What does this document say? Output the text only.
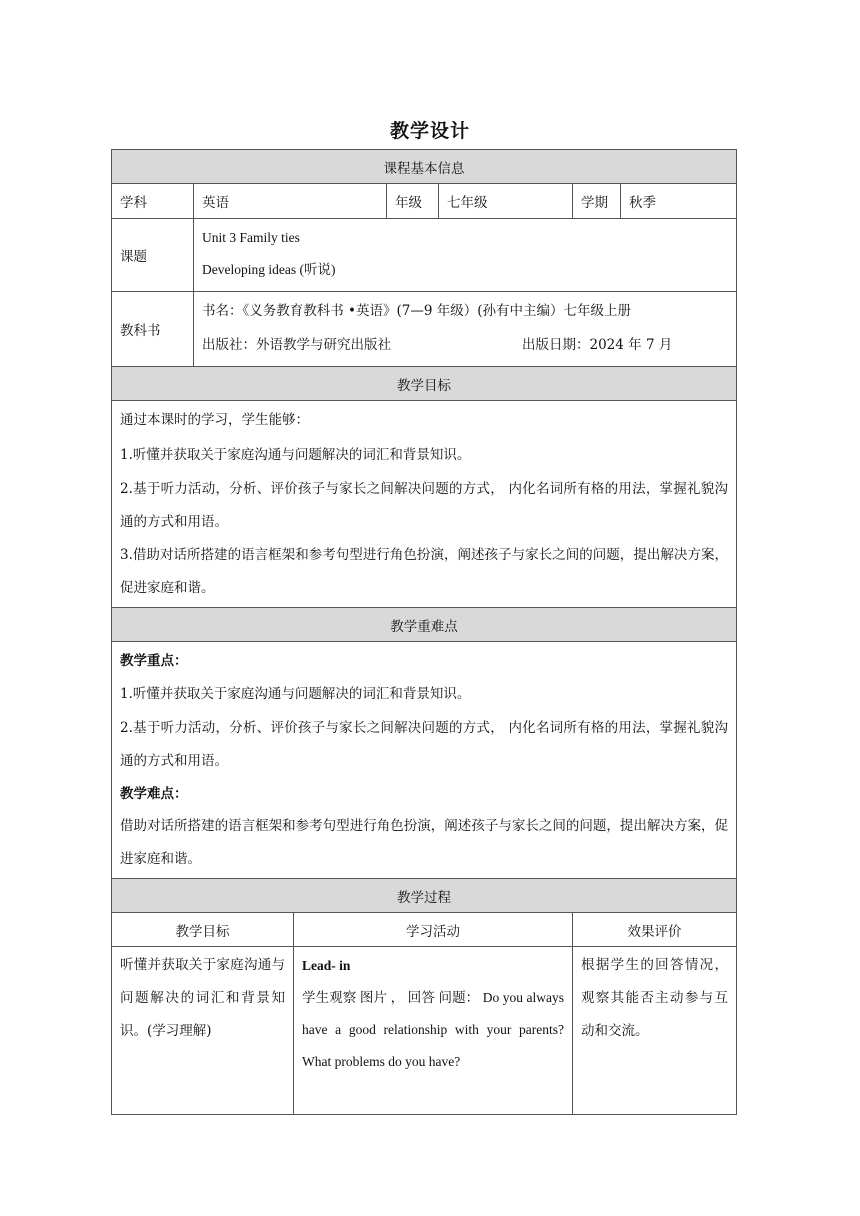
教学设计
课程基本信息						
学科	英语		年级	七年级	学期	秋季
课题	Unit 3 Family ties
Developing ideas (听说)					

教科书	书名：《义务教育教科书 •英语》(7—9 年级）(孙有中主编）七年级上册
出版社：外语教学与研究出版社 出版日期：2024 年 7 月					

教学目标						

通过本课时的学习，学生能够：
1.听懂并获取关于家庭沟通与问题解决的词汇和背景知识。
2.基于听力活动，分析、评价孩子与家长之间解决问题的方式， 内化名词所有格的用法，掌握礼貌沟通的方式和用语。
3.借助对话所搭建的语言框架和参考句型进行角色扮演，阐述孩子与家长之间的问题，提出解决方案，促进家庭和谐。						

教学重难点						

教学重点：
1.听懂并获取关于家庭沟通与问题解决的词汇和背景知识。
2.基于听力活动，分析、评价孩子与家长之间解决问题的方式， 内化名词所有格的用法，掌握礼貌沟通的方式和用语。
教学难点：
借助对话所搭建的语言框架和参考句型进行角色扮演，阐述孩子与家长之间的问题，提出解决方案，促进家庭和谐。						

教学过程						
教学目标		学习活动			效果评价	

听懂并获取关于家庭沟通与问题解决的词汇和背景知识。(学习理解)		Lead- in
学生观察 图片 ， 回答 问题： Do you always have a good relationship with your parents? What problems do you have?			根据学生的回答情况，观察其能否主动参与互动和交流。	
